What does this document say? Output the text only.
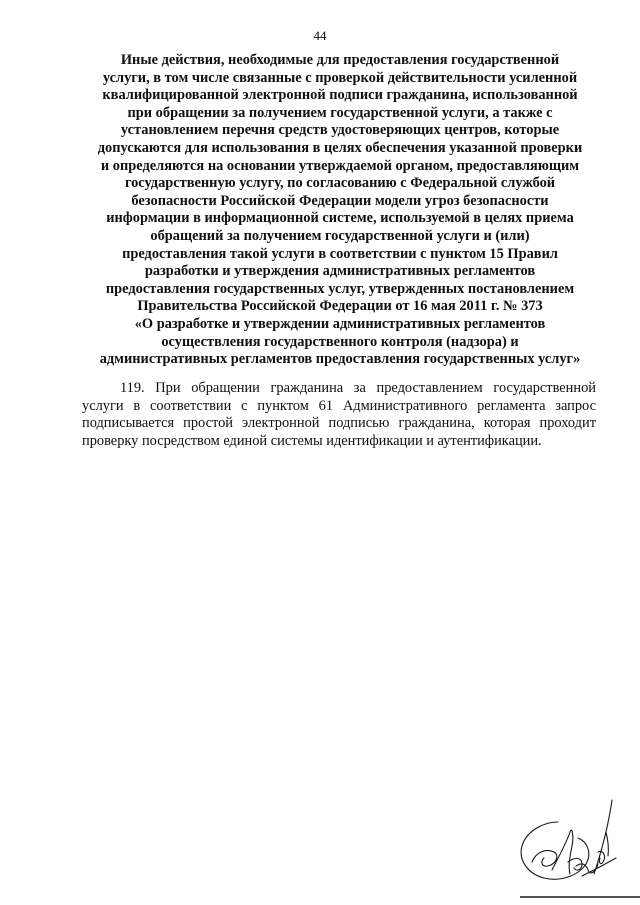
44
Иные действия, необходимые для предоставления государственной
услуги, в том числе связанные с проверкой действительности усиленной
квалифицированной электронной подписи гражданина, использованной
при обращении за получением государственной услуги, а также с
установлением перечня средств удостоверяющих центров, которые
допускаются для использования в целях обеспечения указанной проверки
и определяются на основании утверждаемой органом, предоставляющим
государственную услугу, по согласованию с Федеральной службой
безопасности Российской Федерации модели угроз безопасности
информации в информационной системе, используемой в целях приема
обращений за получением государственной услуги и (или)
предоставления такой услуги в соответствии с пунктом 15 Правил
разработки и утверждения административных регламентов
предоставления государственных услуг, утвержденных постановлением
Правительства Российской Федерации от 16 мая 2011 г. № 373
«О разработке и утверждении административных регламентов
осуществления государственного контроля (надзора) и
административных регламентов предоставления государственных услуг»
119. При обращении гражданина за предоставлением государственной
услуги в соответствии с пунктом 61 Административного регламента запрос
подписывается простой электронной подписью гражданина, которая проходит
проверку посредством единой системы идентификации и аутентификации.
